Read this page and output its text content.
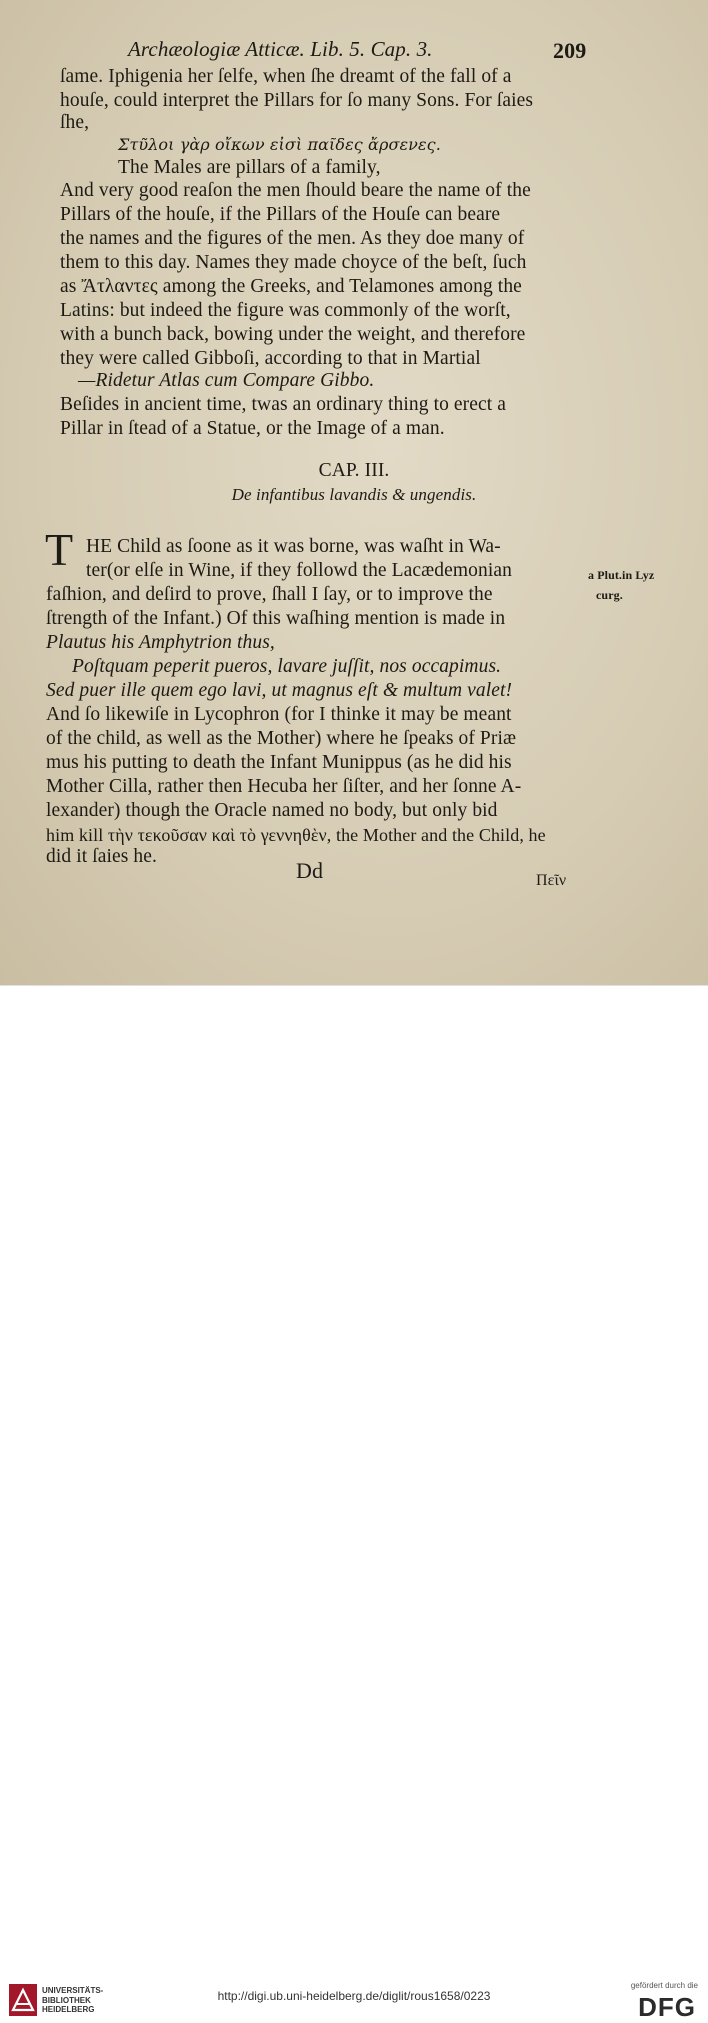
Archæologiæ Atticæ. Lib. 5. Cap. 3.	209
ſame. Iphigenia her ſelfe, when ſhe dreamt of the fall of a
houſe, could interpret the Pillars for ſo many Sons. For ſaies
ſhe,
Στῦλοι γὰρ οἴκων εἰσὶ παῖδες ἄρσενες.
The Males are pillars of a family,
And very good reaſon the men ſhould beare the name of the
Pillars of the houſe, if the Pillars of the Houſe can beare
the names and the figures of the men. As they doe many of
them to this day. Names they made choyce of the beſt, ſuch
as Ἄτλαντες among the Greeks, and Telamones among the
Latins: but indeed the figure was commonly of the worſt,
with a bunch back, bowing under the weight, and therefore
they were called Gibboſi, according to that in Martial
—Ridetur Atlas cum Compare Gibbo.
Beſides in ancient time, twas an ordinary thing to erect a
Pillar in ſtead of a Statue, or the Image of a man.
CAP. III.
De infantibus lavandis & ungendis.
T HE Child as ſoone as it was borne, was waſht in Wa-
ter(or elſe in Wine, if they followd the Lacædemonian
faſhion, and deſird to prove, ſhall I ſay, or to improve the
ſtrength of the Infant.) Of this waſhing mention is made in
Plautus his Amphytrion thus,
Poſtquam peperit pueros, lavare juſſit, nos occapimus.
Sed puer ille quem ego lavi, ut magnus eſt & multum valet!
And ſo likewiſe in Lycophron (for I thinke it may be meant
of the child, as well as the Mother) where he ſpeaks of Priæ
mus his putting to death the Infant Munippus (as he did his
Mother Cilla, rather then Hecuba her ſiſter, and her ſonne A-
lexander) though the Oracle named no body, but only bid
him kill τὴν τεκοῦσαν καὶ τὸ γεννηθὲν, the Mother and the Child, he
did it ſaies he.
a Plut.in Lyz
curg.
Dd	Πεῖν
UNIVERSITÄTS-
BIBLIOTHEK
HEIDELBERG
http://digi.ub.uni-heidelberg.de/diglit/rous1658/0223
gefördert durch die
DFG
